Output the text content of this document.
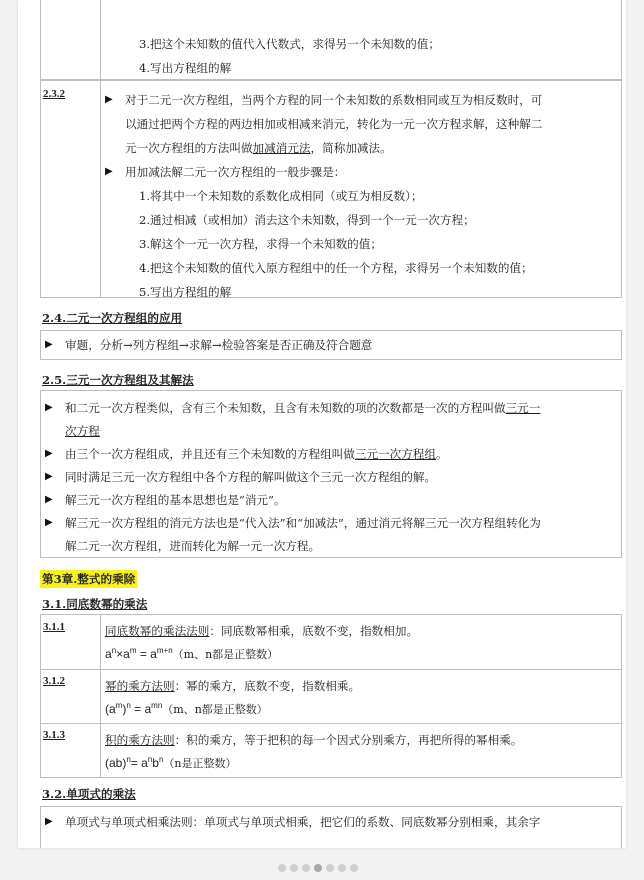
3.把这个未知数的值代入代数式，求得另一个未知数的值；
4.写出方程组的解
2.3.2	▶ 对于二元一次方程组，当两个方程的同一个未知数的系数相同或互为相反数时，可
以通过把两个方程的两边相加或相减来消元，转化为一元一次方程求解，这种解二
元一次方程组的方法叫做加减消元法，简称加减法。
▶ 用加减法解二元一次方程组的一般步骤是：
1.将其中一个未知数的系数化成相同（或互为相反数）；
2.通过相减（或相加）消去这个未知数，得到一个一元一次方程；
3.解这个一元一次方程，求得一个未知数的值；
4.把这个未知数的值代入原方程组中的任一个方程，求得另一个未知数的值；
5.写出方程组的解
2.4.二元一次方程组的应用
▶ 审题，分析→列方程组→求解→检验答案是否正确及符合题意
2.5.三元一次方程组及其解法
▶ 和二元一次方程类似，含有三个未知数，且含有未知数的项的次数都是一次的方程叫做三元一
次方程
▶ 由三个一次方程组成，并且还有三个未知数的方程组叫做三元一次方程组。
▶ 同时满足三元一次方程组中各个方程的解叫做这个三元一次方程组的解。
▶ 解三元一次方程组的基本思想也是“消元”。
▶ 解三元一次方程组的消元方法也是“代入法”和“加减法”，通过消元将解三元一次方程组转化为
解二元一次方程组，进而转化为解一元一次方程。
第3章.整式的乘除
3.1.同底数幂的乘法
3.1.1	同底数幂的乘法法则：同底数幂相乘，底数不变，指数相加。
$a^n\times a^m = a^{m+n}(m$、n都是正整数）
3.1.2	幂的乘方法则：幂的乘方，底数不变，指数相乘。
$(a^m)^n = a^{mn}(m$、n都是正整数）
3.1.3	积的乘方法则：积的乘方，等于把积的每一个因式分别乘方，再把所得的幂相乘。
$(ab)^n= a^nb^n(n$是正整数）
3.2.单项式的乘法
▶ 单项式与单项式相乘法则：单项式与单项式相乘，把它们的系数、同底数幂分别相乘，其余字
